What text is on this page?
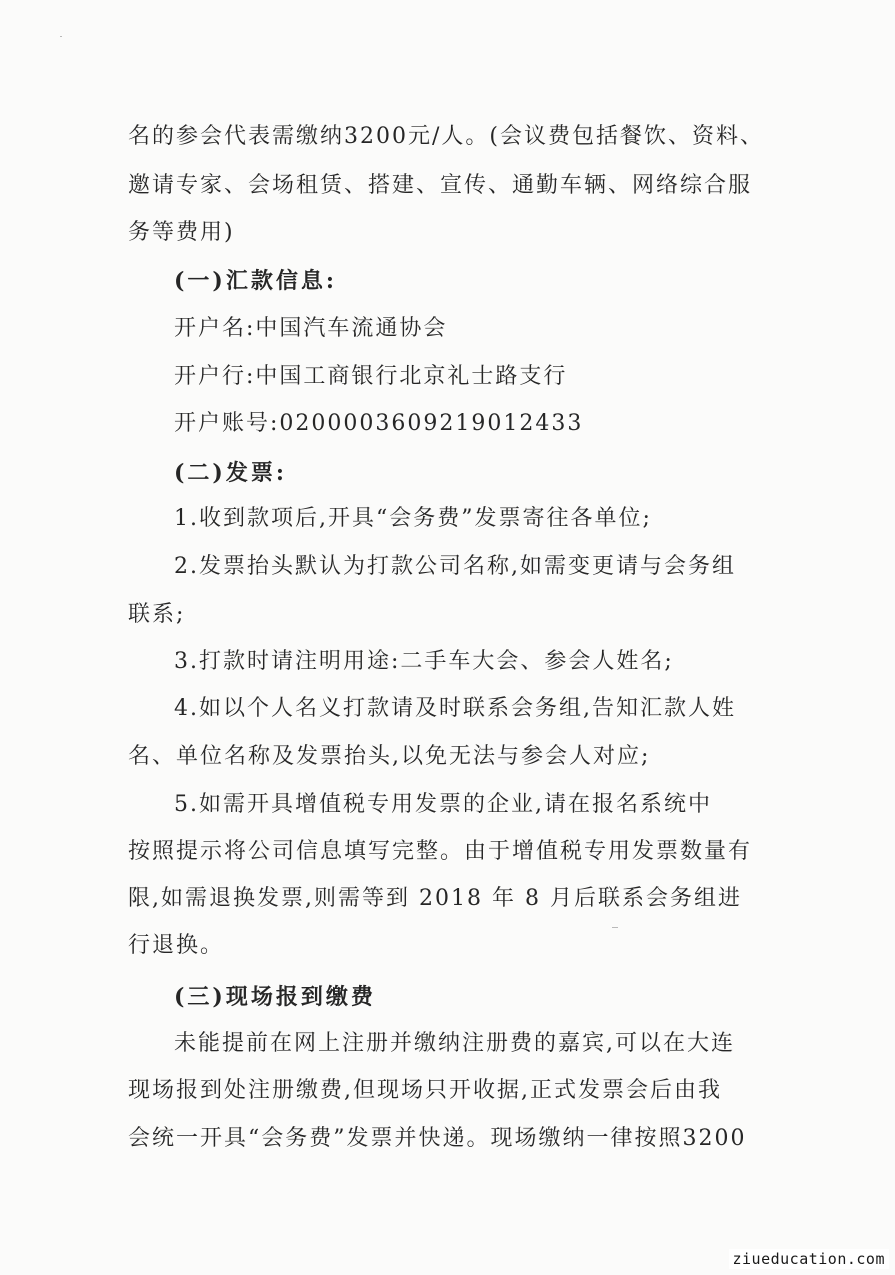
名的参会代表需缴纳3200元/人。(会议费包括餐饮、资料、
邀请专家、会场租赁、搭建、宣传、通勤车辆、网络综合服
务等费用)
(一)汇款信息:
开户名:中国汽车流通协会
开户行:中国工商银行北京礼士路支行
开户账号:0200003609219012433
(二)发票:
1.收到款项后,开具“会务费”发票寄往各单位;
2.发票抬头默认为打款公司名称,如需变更请与会务组
联系;
3.打款时请注明用途:二手车大会、参会人姓名;
4.如以个人名义打款请及时联系会务组,告知汇款人姓
名、单位名称及发票抬头,以免无法与参会人对应;
5.如需开具增值税专用发票的企业,请在报名系统中
按照提示将公司信息填写完整。由于增值税专用发票数量有
限,如需退换发票,则需等到 2018 年 8 月后联系会务组进
行退换。
(三)现场报到缴费
未能提前在网上注册并缴纳注册费的嘉宾,可以在大连
现场报到处注册缴费,但现场只开收据,正式发票会后由我
会统一开具“会务费”发票并快递。现场缴纳一律按照3200
ziueducation.com
